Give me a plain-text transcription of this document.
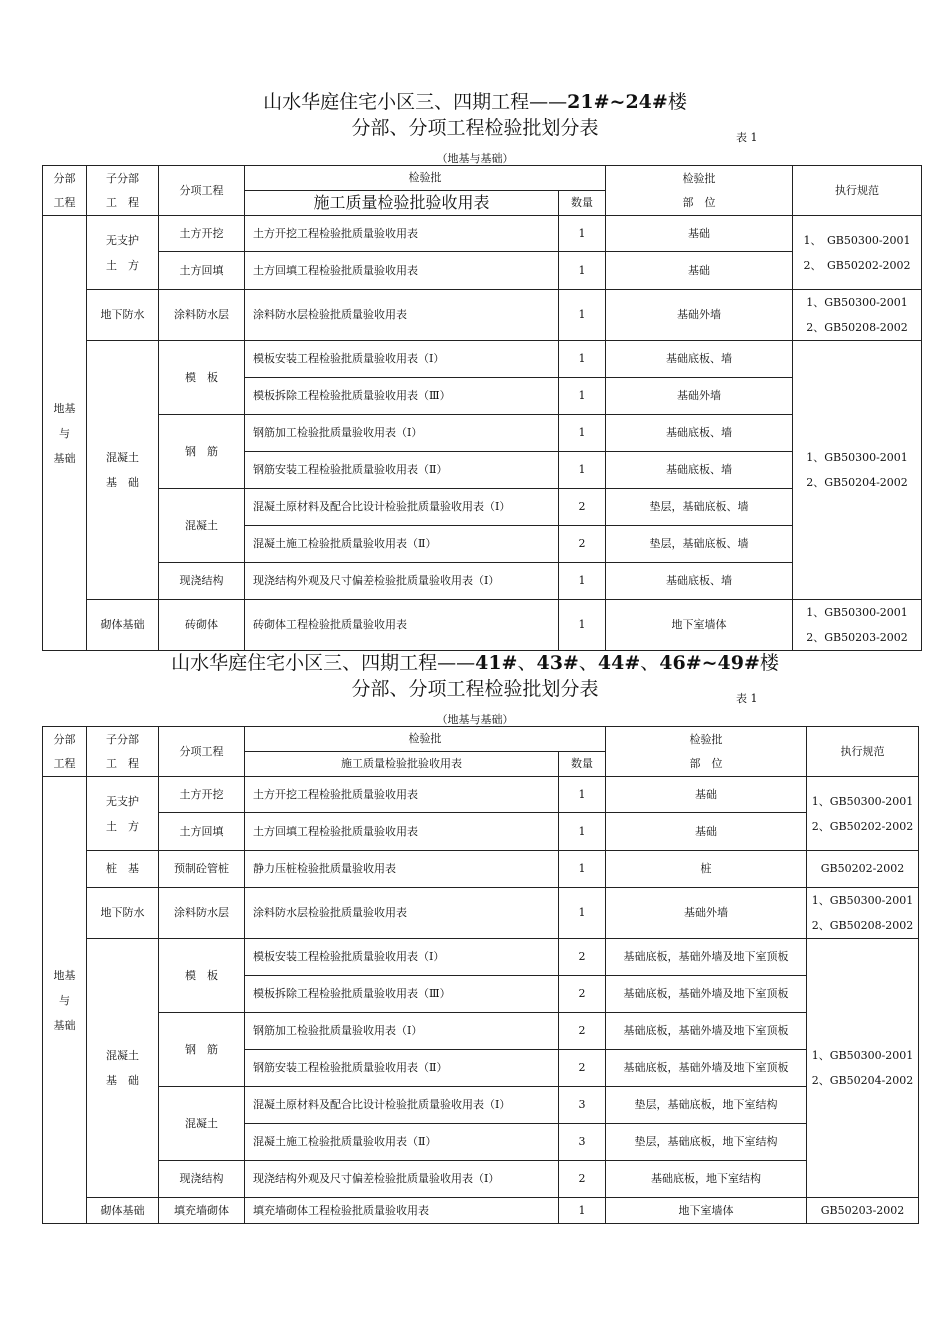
山水华庭住宅小区三、四期工程——21#~24#楼
分部、分项工程检验批划分表	表 1
（地基与基础）
分部
工程	子分部
工　程	分项工程	检验批		检验批
部　位	执行规范
			施工质量检验批验收用表	数量		

地基
与
基础	无支护
土　方	土方开挖	土方开挖工程检验批质量验收用表	1	基础	1、　GB50300-2001
2、　GB50202-2002

		土方回填	土方回填工程检验批质量验收用表	1	基础	
	地下防水	涂料防水层	涂料防水层检验批质量验收用表	1	基础外墙	1、GB50300-2001
2、GB50208-2002

	混凝土
基　础	模　板	模板安装工程检验批质量验收用表（Ⅰ）	1	基础底板、墙	1、GB50300-2001
2、GB50204-2002

			模板拆除工程检验批质量验收用表（Ⅲ）	1	基础外墙	
		钢　筋	钢筋加工检验批质量验收用表（Ⅰ）	1	基础底板、墙	
			钢筋安装工程检验批质量验收用表（Ⅱ）	1	基础底板、墙	
		混凝土	混凝土原材料及配合比设计检验批质量验收用表（Ⅰ）	2	垫层，基础底板、墙	
			混凝土施工检验批质量验收用表（Ⅱ）	2	垫层，基础底板、墙	
		现浇结构	现浇结构外观及尺寸偏差检验批质量验收用表（Ⅰ）	1	基础底板、墙	
	砌体基础	砖砌体	砖砌体工程检验批质量验收用表	1	地下室墙体	1、GB50300-2001
2、GB50203-2002
山水华庭住宅小区三、四期工程——41#、43#、44#、46#~49#楼
分部、分项工程检验批划分表	表 1
（地基与基础）
分部
工程	子分部
工　程	分项工程	检验批		检验批
部　位	执行规范
			施工质量检验批验收用表	数量		

地基
与
基础	无支护
土　方	土方开挖	土方开挖工程检验批质量验收用表	1	基础	1、GB50300-2001
2、GB50202-2002

		土方回填	土方回填工程检验批质量验收用表	1	基础	
	桩　基	预制砼管桩	静力压桩检验批质量验收用表	1	桩	GB50202-2002
	地下防水	涂料防水层	涂料防水层检验批质量验收用表	1	基础外墙	1、GB50300-2001
2、GB50208-2002

	混凝土
基　础	模　板	模板安装工程检验批质量验收用表（Ⅰ）	2	基础底板，基础外墙及地下室顶板	1、GB50300-2001
2、GB50204-2002

			模板拆除工程检验批质量验收用表（Ⅲ）	2	基础底板，基础外墙及地下室顶板	
		钢　筋	钢筋加工检验批质量验收用表（Ⅰ）	2	基础底板，基础外墙及地下室顶板	
			钢筋安装工程检验批质量验收用表（Ⅱ）	2	基础底板，基础外墙及地下室顶板	
		混凝土	混凝土原材料及配合比设计检验批质量验收用表（Ⅰ）	3	垫层，基础底板，地下室结构	
			混凝土施工检验批质量验收用表（Ⅱ）	3	垫层，基础底板，地下室结构	
		现浇结构	现浇结构外观及尺寸偏差检验批质量验收用表（Ⅰ）	2	基础底板，地下室结构	
	砌体基础	填充墙砌体	填充墙砌体工程检验批质量验收用表	1	地下室墙体	GB50203-2002
